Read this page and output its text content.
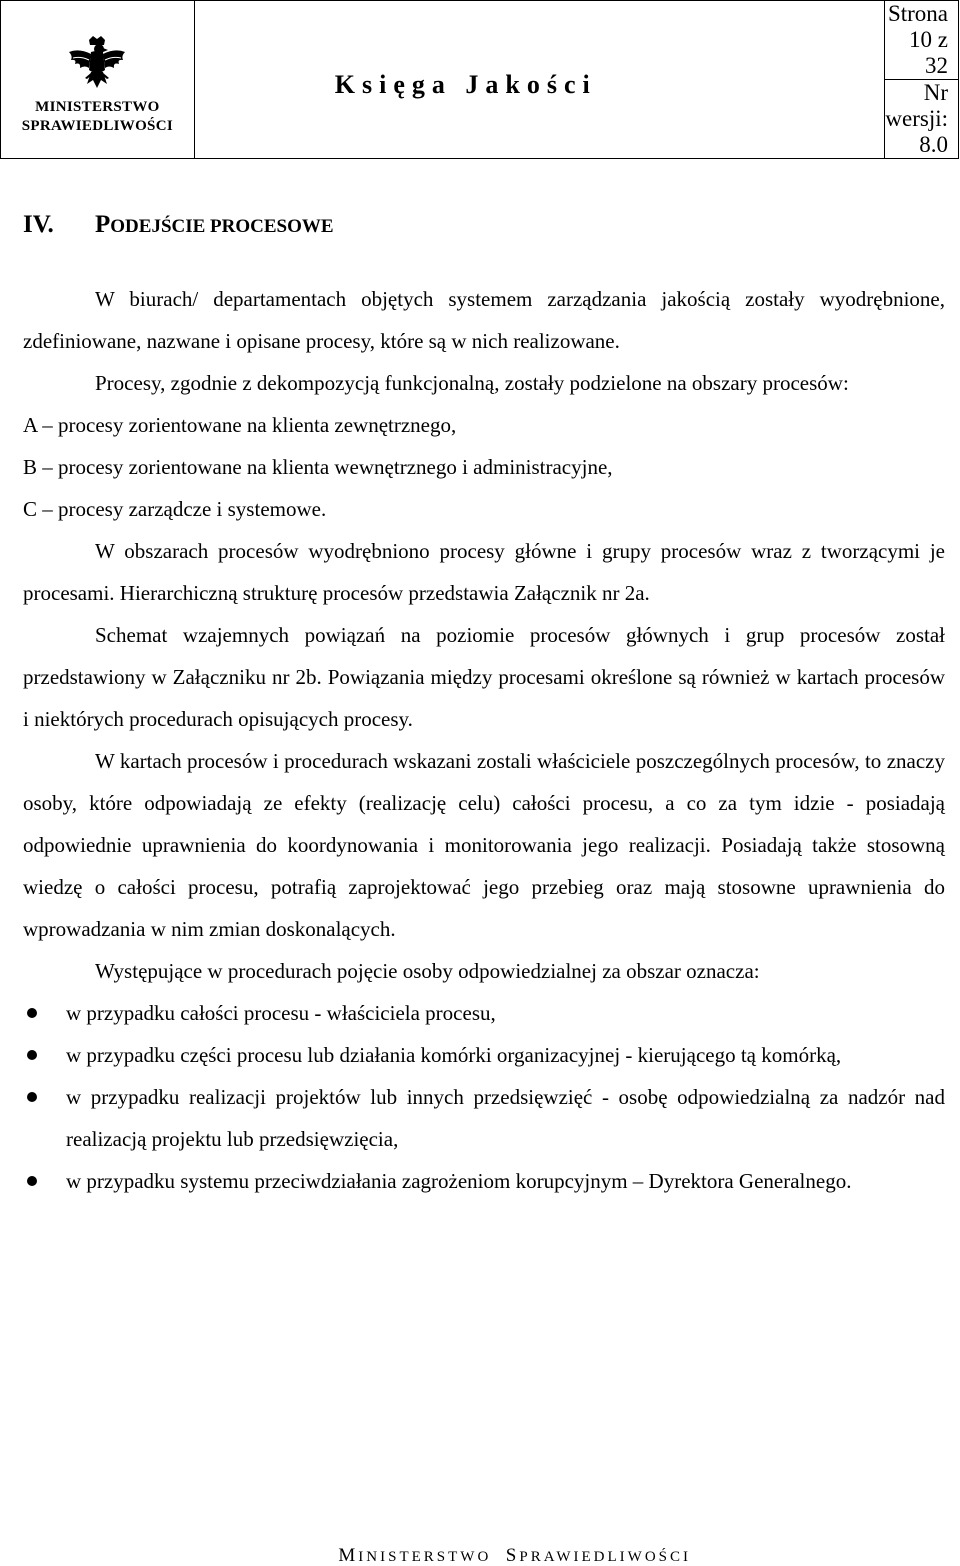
MINISTERSTWO
SPRAWIEDLIWOŚCI
	Księga Jakości	Strona 10 z 32
Nr wersji: 8.0
IV. PODEJŚCIE PROCESOWE

W biurach/ departamentach objętych systemem zarządzania jakością zostały wyodrębnione, zdefiniowane, nazwane i opisane procesy, które są w nich realizowane.

Procesy, zgodnie z dekompozycją funkcjonalną, zostały podzielone na obszary procesów:

A – procesy zorientowane na klienta zewnętrznego,

B – procesy zorientowane na klienta wewnętrznego i administracyjne,

C – procesy zarządcze i systemowe.

W obszarach procesów wyodrębniono procesy główne i grupy procesów wraz z tworzącymi je procesami. Hierarchiczną strukturę procesów przedstawia Załącznik nr 2a.

Schemat wzajemnych powiązań na poziomie procesów głównych i grup procesów został przedstawiony w Załączniku nr 2b. Powiązania między procesami określone są również w kartach procesów i niektórych procedurach opisujących procesy.

W kartach procesów i procedurach wskazani zostali właściciele poszczególnych procesów, to znaczy osoby, które odpowiadają ze efekty (realizację celu) całości procesu, a co za tym idzie - posiadają odpowiednie uprawnienia do koordynowania i monitorowania jego realizacji. Posiadają także stosowną wiedzę o całości procesu, potrafią zaprojektować jego przebieg oraz mają stosowne uprawnienia do wprowadzania w nim zmian doskonalących.

Występujące w procedurach pojęcie osoby odpowiedzialnej za obszar oznacza:

w przypadku całości procesu - właściciela procesu,
w przypadku części procesu lub działania komórki organizacyjnej - kierującego tą komórką,
w przypadku realizacji projektów lub innych przedsięwzięć - osobę odpowiedzialną za nadzór nad realizacją projektu lub przedsięwzięcia,
w przypadku systemu przeciwdziałania zagrożeniom korupcyjnym – Dyrektora Generalnego.
MINISTERSTWO SPRAWIEDLIWOŚCI
